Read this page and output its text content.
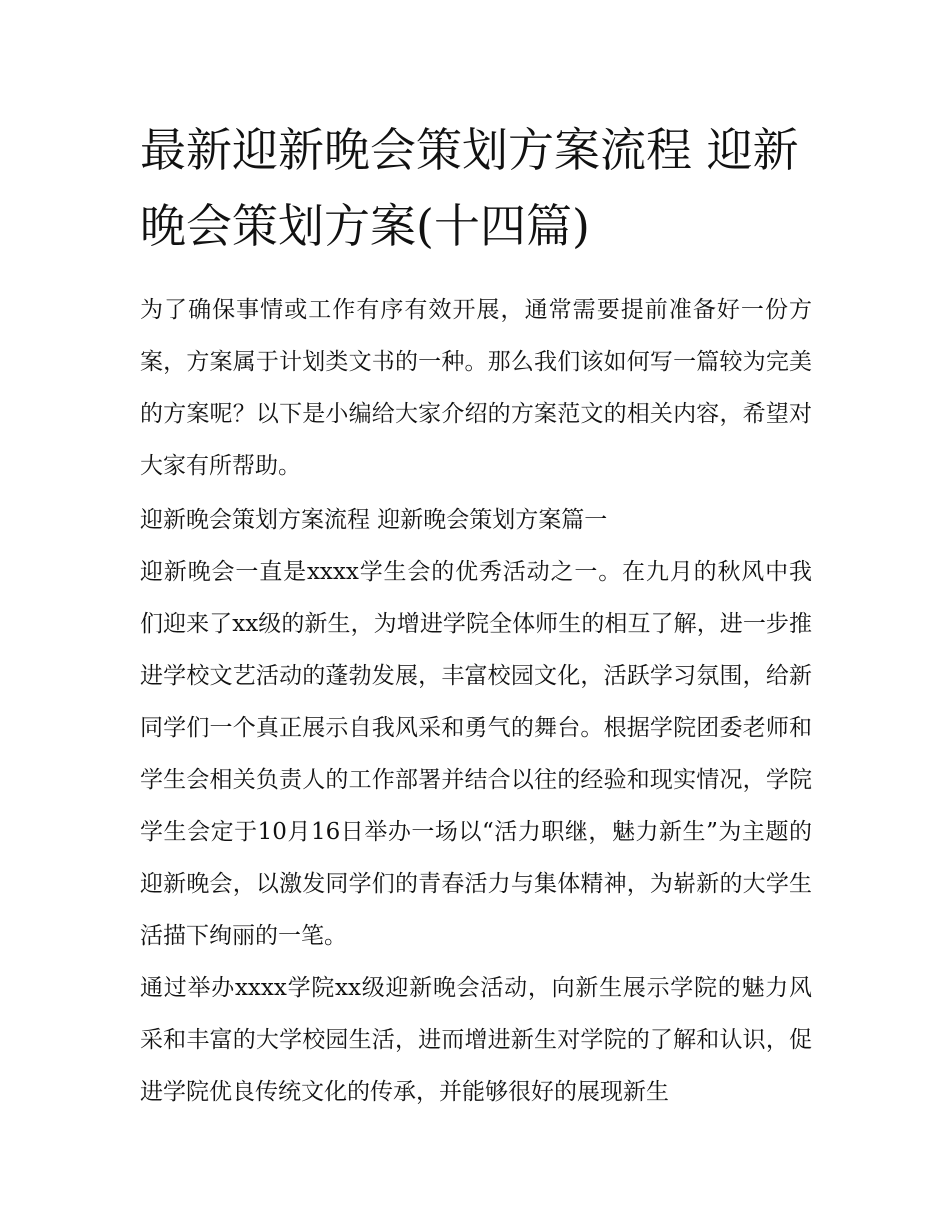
最新迎新晚会策划方案流程 迎新晚会策划方案(十四篇)

为了确保事情或工作有序有效开展，通常需要提前准备好一份方案，方案属于计划类文书的一种。那么我们该如何写一篇较为完美的方案呢？以下是小编给大家介绍的方案范文的相关内容，希望对大家有所帮助。

迎新晚会策划方案流程 迎新晚会策划方案篇一

迎新晚会一直是xxxx学生会的优秀活动之一。在九月的秋风中我们迎来了xx级的新生，为增进学院全体师生的相互了解，进一步推进学校文艺活动的蓬勃发展，丰富校园文化，活跃学习氛围，给新同学们一个真正展示自我风采和勇气的舞台。根据学院团委老师和学生会相关负责人的工作部署并结合以往的经验和现实情况，学院学生会定于10月16日举办一场以“活力职继，魅力新生”为主题的迎新晚会，以激发同学们的青春活力与集体精神，为崭新的大学生活描下绚丽的一笔。

通过举办xxxx学院xx级迎新晚会活动，向新生展示学院的魅力风采和丰富的大学校园生活，进而增进新生对学院的了解和认识，促进学院优良传统文化的传承，并能够很好的展现新生
